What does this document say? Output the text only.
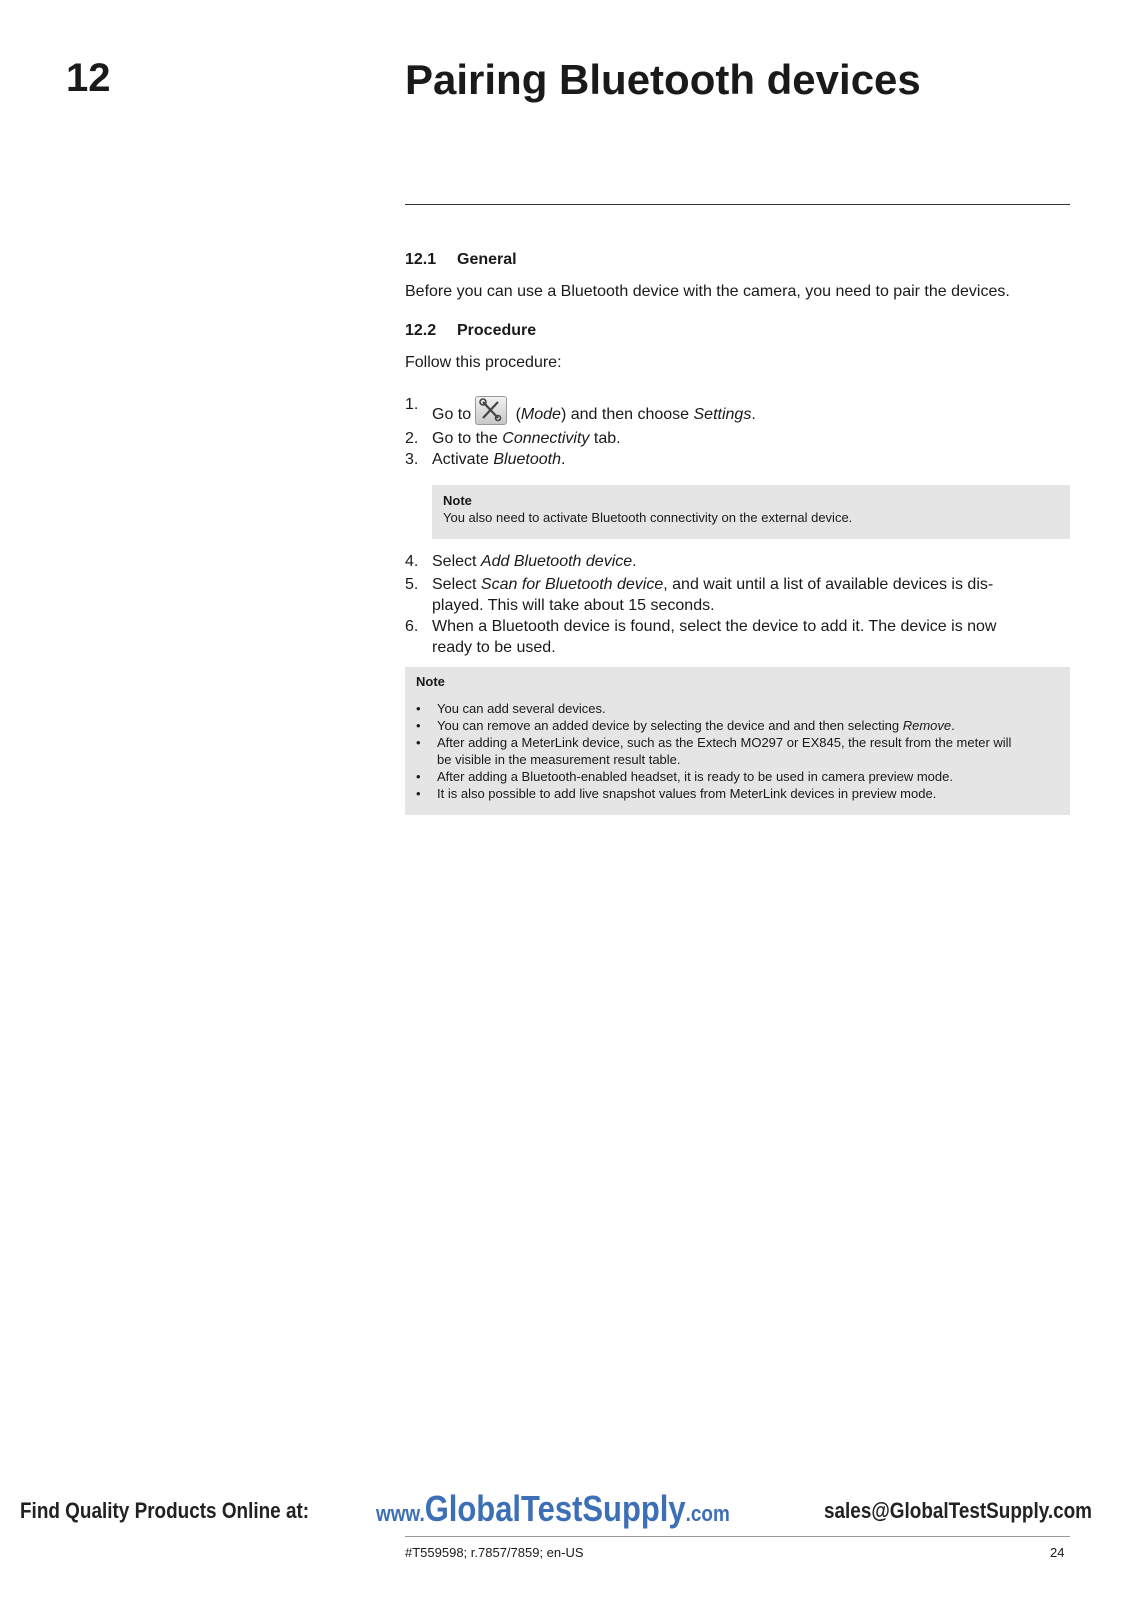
12	Pairing Bluetooth devices
12.1 General
Before you can use a Bluetooth device with the camera, you need to pair the devices.
12.2 Procedure
Follow this procedure:
1.
Go to	(Mode) and then choose Settings.
2. Go to the Connectivity tab.
3. Activate Bluetooth.
Note
You also need to activate Bluetooth connectivity on the external device.
4. Select Add Bluetooth device.
5. Select Scan for Bluetooth device, and wait until a list of available devices is dis-
played. This will take about 15 seconds.
6. When a Bluetooth device is found, select the device to add it. The device is now
ready to be used.
Note
• You can add several devices.
• You can remove an added device by selecting the device and and then selecting Remove.
• After adding a MeterLink device, such as the Extech MO297 or EX845, the result from the meter will
be visible in the measurement result table.
• After adding a Bluetooth-enabled headset, it is ready to be used in camera preview mode.
• It is also possible to add live snapshot values from MeterLink devices in preview mode.
Find Quality Products Online at:	www.GlobalTestSupply.com	sales@GlobalTestSupply.com
#T559598; r.7857/7859; en-US	24
